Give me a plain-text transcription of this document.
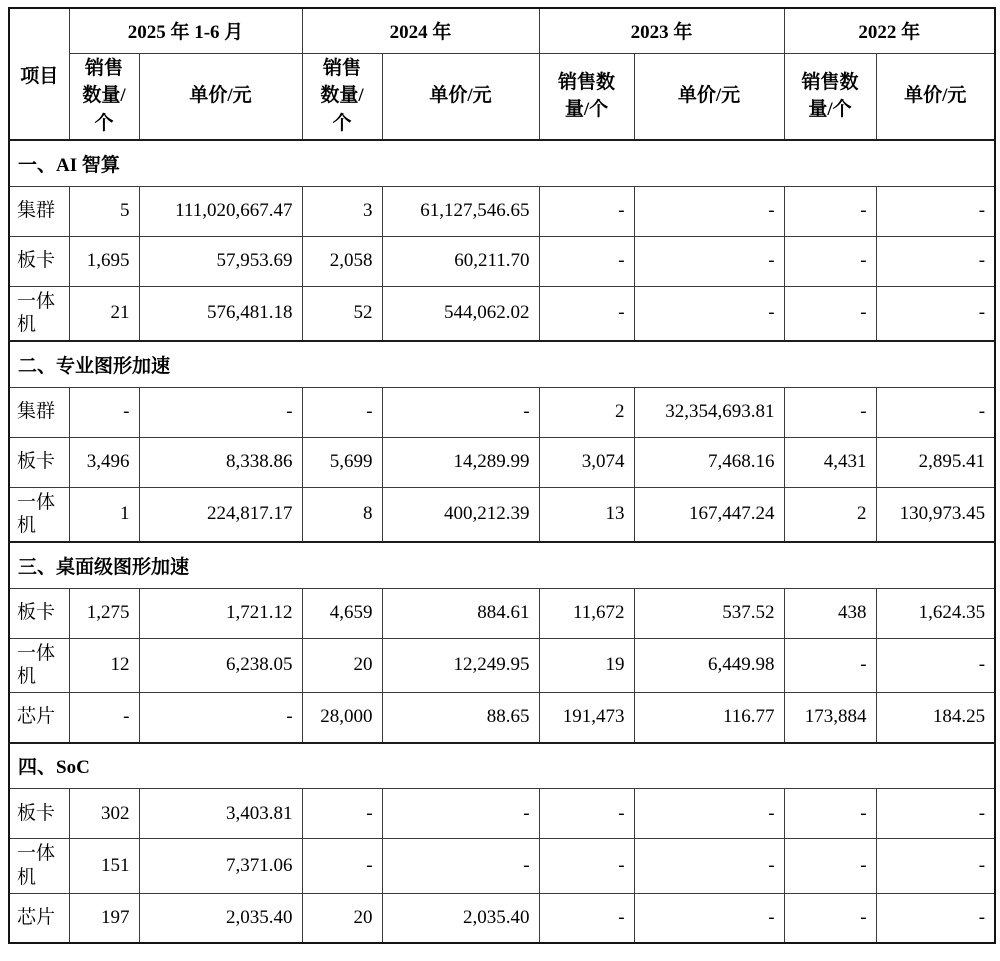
项目	2025 年 1-6 月		2024 年		2023 年		2022 年	
	销售数量/个	单价/元	销售数量/个	单价/元	销售数量/个	单价/元	销售数量/个	单价/元
一、AI 智算								
集群	5	111,020,667.47	3	61,127,546.65	-	-	-	-
板卡	1,695	57,953.69	2,058	60,211.70	-	-	-	-
一体机	21	576,481.18	52	544,062.02	-	-	-	-
二、专业图形加速								
集群	-	-	-	-	2	32,354,693.81	-	-
板卡	3,496	8,338.86	5,699	14,289.99	3,074	7,468.16	4,431	2,895.41
一体机	1	224,817.17	8	400,212.39	13	167,447.24	2	130,973.45
三、桌面级图形加速								
板卡	1,275	1,721.12	4,659	884.61	11,672	537.52	438	1,624.35
一体机	12	6,238.05	20	12,249.95	19	6,449.98	-	-
芯片	-	-	28,000	88.65	191,473	116.77	173,884	184.25
四、SoC								
板卡	302	3,403.81	-	-	-	-	-	-
一体机	151	7,371.06	-	-	-	-	-	-
芯片	197	2,035.40	20	2,035.40	-	-	-	-
